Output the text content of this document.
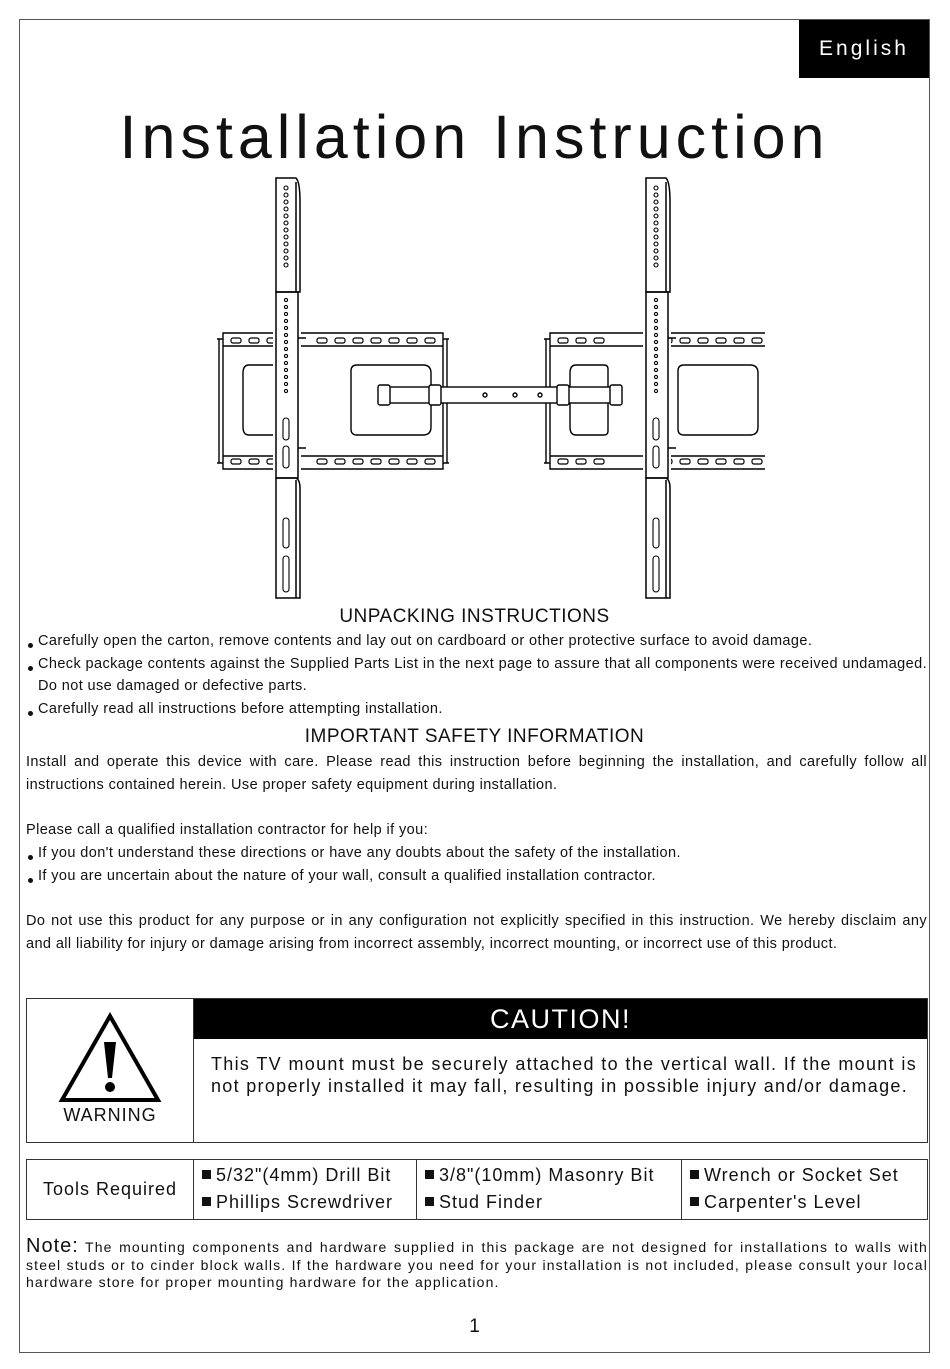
English
Installation Instruction
UNPACKING INSTRUCTIONS

Carefully open the carton, remove contents and lay out on cardboard or other protective surface to avoid damage.

Check package contents against the Supplied Parts List in the next page to assure that all components were received undamaged. Do not use damaged or defective parts.

Carefully read all instructions before attempting installation.

IMPORTANT SAFETY INFORMATION

Install and operate this device with care. Please read this instruction before beginning the installation, and carefully follow all instructions contained herein. Use proper safety equipment during installation.

Please call a qualified installation contractor for help if you:

If you don't understand these directions or have any doubts about the safety of the installation.

If you are uncertain about the nature of your wall, consult a qualified installation contractor.

Do not use this product for any purpose or in any configuration not explicitly specified in this instruction. We hereby disclaim any and all liability for injury or damage arising from incorrect assembly, incorrect mounting, or incorrect use of this product.

WARNING
CAUTION!

This TV mount must be securely attached to the vertical wall. If the mount is not properly installed it may fall, resulting in possible injury and/or damage.

Tools Required
5/32"(4mm) Drill Bit
Phillips Screwdriver
3/8"(10mm) Masonry Bit
Stud Finder
Wrench or Socket Set
Carpenter's Level

Note: The mounting components and hardware supplied in this package are not designed for installations to walls with steel studs or to cinder block walls. If the hardware you need for your installation is not included, please consult your local hardware store for proper mounting hardware for the application.

1
